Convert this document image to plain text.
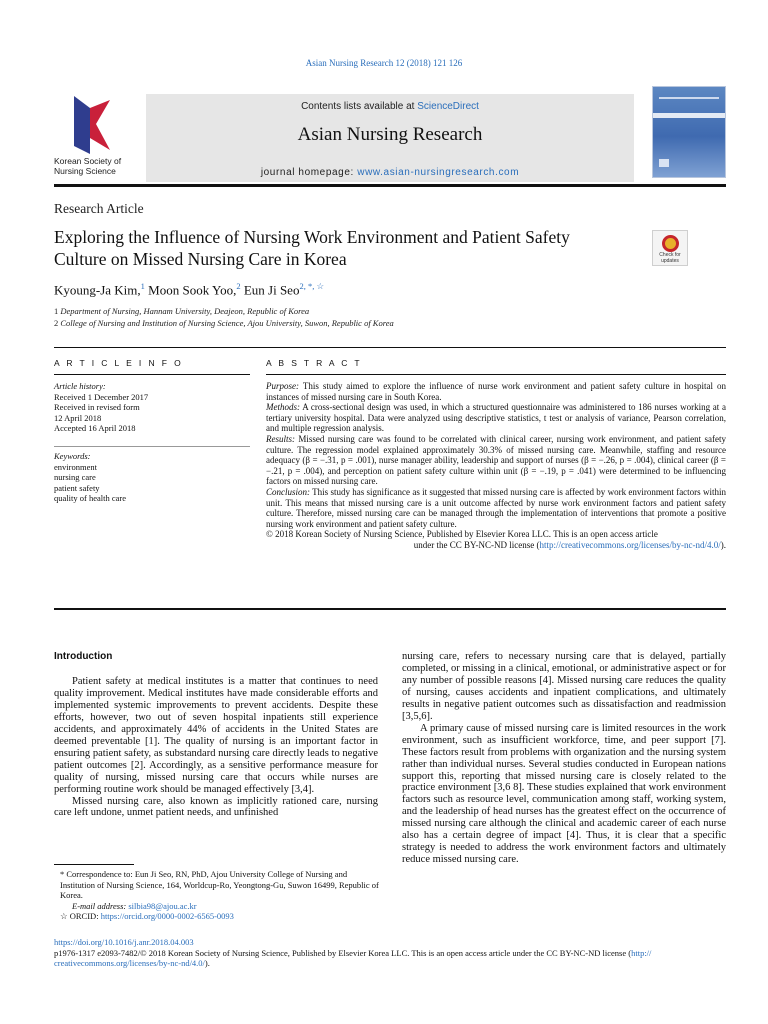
Asian Nursing Research 12 (2018) 121 126
Korean Society of
Nursing Science
Contents lists available at ScienceDirect
Asian Nursing Research
journal homepage: www.asian-nursingresearch.com
Research Article
Exploring the Influence of Nursing Work Environment and Patient Safety Culture on Missed Nursing Care in Korea	Check for updates
Kyoung-Ja Kim,$^1$ Moon Sook Yoo,$^2$ Eun Ji Seo$^{2, *, ☆}$
1 Department of Nursing, Hannam University, Deajeon, Republic of Korea
2 College of Nursing and Institution of Nursing Science, Ajou University, Suwon, Republic of Korea
A R T I C L E I N F O	A B S T R A C T
Article history:
Received 1 December 2017
Received in revised form
12 April 2018
Accepted 16 April 2018
Keywords:
environment
nursing care
patient safety
quality of health care

Purpose: This study aimed to explore the influence of nurse work environment and patient safety culture in hospital on instances of missed nursing care in South Korea.

Methods: A cross-sectional design was used, in which a structured questionnaire was administered to 186 nurses working at a tertiary university hospital. Data were analyzed using descriptive statistics, t test or analysis of variance, Pearson correlation, and multiple regression analysis.

Results: Missed nursing care was found to be correlated with clinical career, nursing work environment, and patient safety culture. The regression model explained approximately 30.3% of missed nursing care. Meanwhile, staffing and resource adequacy (β = −.31, p = .001), nurse manager ability, leadership and support of nurses (β = −.26, p = .004), clinical career (β = −.21, p = .004), and perception on patient safety culture within unit (β = −.19, p = .041) were determined to be influencing factors on missed nursing care.

Conclusion: This study has significance as it suggested that missed nursing care is affected by work environment factors within unit. This means that missed nursing care is a unit outcome affected by nurse work environment factors and patient safety culture. Therefore, missed nursing care can be managed through the implementation of interventions that promote a positive nursing work environment and patient safety culture.

© 2018 Korean Society of Nursing Science, Published by Elsevier Korea LLC. This is an open access article

under the CC BY-NC-ND license (http://creativecommons.org/licenses/by-nc-nd/4.0/).

Introduction

Patient safety at medical institutes is a matter that continues to need quality improvement. Medical institutes have made considerable efforts and implemented systemic improvements to prevent accidents. Despite these efforts, however, two out of seven hospital inpatients still experience accidents, and approximately 44% of accidents in the United States are deemed preventable [1]. The quality of nursing is an important factor in ensuring patient safety, as substandard nursing care directly leads to negative patient outcomes [2]. Accordingly, as a sensitive performance measure for quality of nursing, missed nursing care that occurs while nurses are performing routine work should be managed effectively [3,4].

Missed nursing care, also known as implicitly rationed care, nursing care left undone, unmet patient needs, and unfinished

nursing care, refers to necessary nursing care that is delayed, partially completed, or missing in a clinical, emotional, or administrative aspect or for any number of possible reasons [4]. Missed nursing care reduces the quality of nursing, causes accidents and inpatient complications, and ultimately results in negative patient outcomes such as dissatisfaction and readmission [3,5,6].

A primary cause of missed nursing care is limited resources in the work environment, such as insufficient workforce, time, and peer support [7]. These factors result from problems with organization and the nursing system rather than individual nurses. Several studies conducted in European nations support this, reporting that missed nursing care is closely related to the practice environment [3,6 8]. These studies explained that work environment factors such as resource level, communication among staff, working system, and the leadership of head nurses has the greatest effect on the occurrence of missed nursing care although the clinical and academic career of each nurse also has a certain degree of impact [4]. Thus, it is clear that a specific strategy is needed to address the work environment factors and ultimately reduce missed nursing care.

* Correspondence to: Eun Ji Seo, RN, PhD, Ajou University College of Nursing and Institution of Nursing Science, 164, Worldcup-Ro, Yeongtong-Gu, Suwon 16499, Republic of Korea.
E-mail address: silbia98@ajou.ac.kr
☆ ORCID: https://orcid.org/0000-0002-6565-0093
https://doi.org/10.1016/j.anr.2018.04.003
p1976-1317 e2093-7482/© 2018 Korean Society of Nursing Science, Published by Elsevier Korea LLC. This is an open access article under the CC BY-NC-ND license (http://
creativecommons.org/licenses/by-nc-nd/4.0/).
